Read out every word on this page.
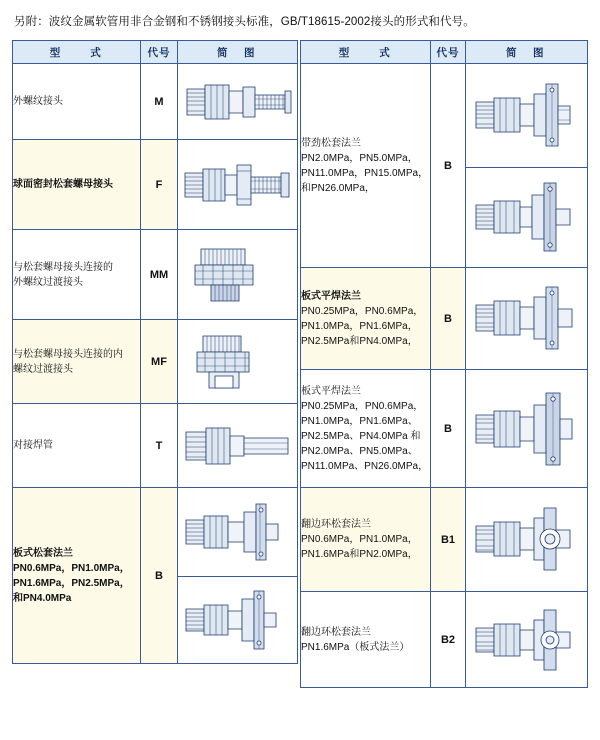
另附：波纹金属软管用非合金钢和不锈钢接头标准，GB/T18615-2002接头的形式和代号。
型　　式	代号	简　图

外螺纹接头	M	

球面密封松套螺母接头	F	

与松套螺母接头连接的
外螺纹过渡接头	MM	

与松套螺母接头连接的内
螺纹过渡接头	MF	

对接焊管	T	

板式松套法兰
PN0.6MPa，PN1.0MPa，
PN1.6MPa，PN2.5MPa，
和PN4.0MPa	B	
型　　式	代号	简　图

带劲松套法兰
PN2.0MPa，PN5.0MPa，
PN11.0MPa，PN15.0MPa，
和PN26.0MPa，	B	

板式平焊法兰
PN0.25MPa，PN0.6MPa，
PN1.0MPa，PN1.6MPa，
PN2.5MPa和PN4.0MPa，	B	

板式平焊法兰
PN0.25MPa，PN0.6MPa，
PN1.0MPa，PN1.6MPa、
PN2.5MPa、PN4.0MPa 和
PN2.0MPa、PN5.0MPa、
PN11.0MPa、PN26.0MPa，
	B	

翻边环松套法兰
PN0.6MPa，PN1.0MPa，
PN1.6MPa和PN2.0MPa，	B1	

翻边环松套法兰
PN1.6MPa（板式法兰）	B2	
